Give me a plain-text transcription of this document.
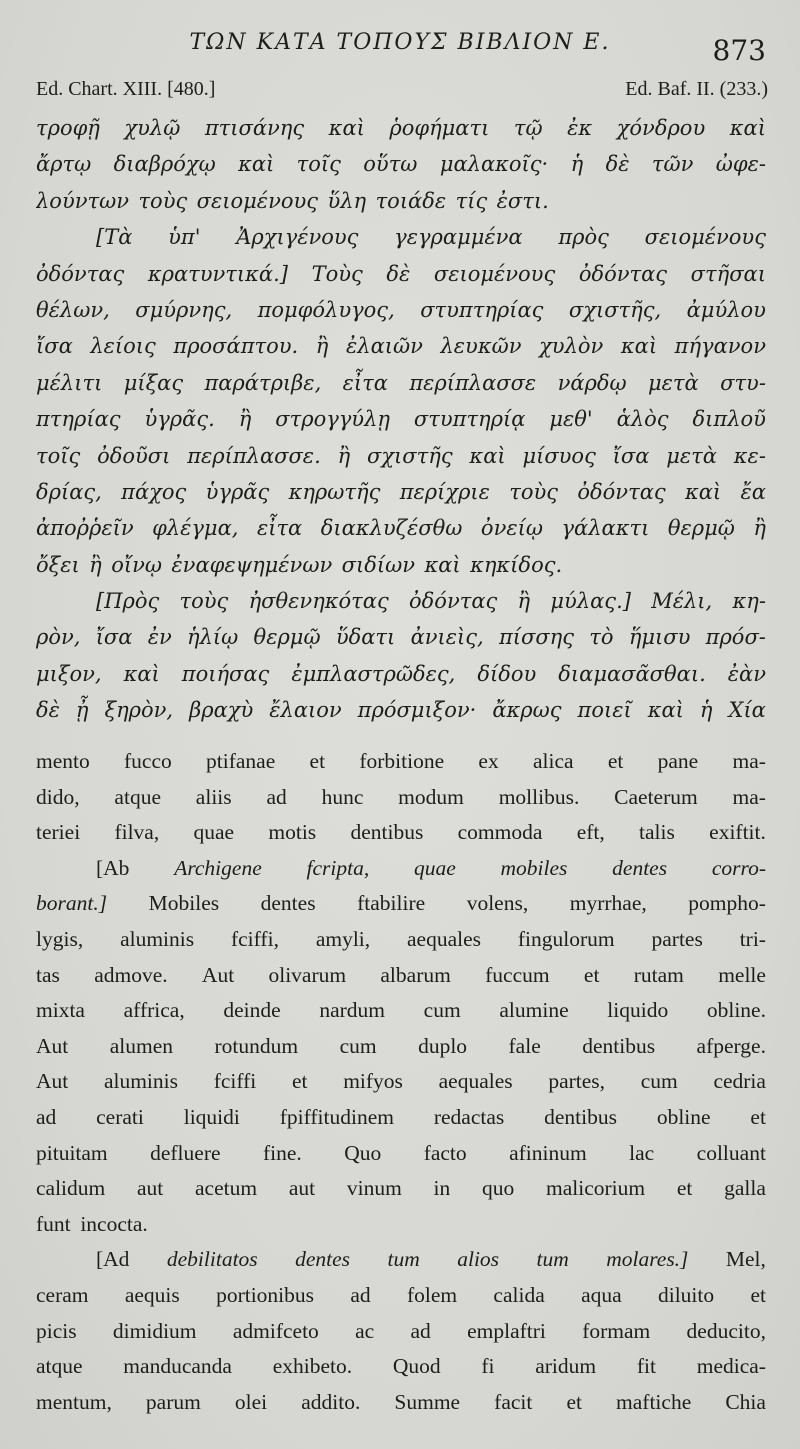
ΤΩΝ ΚΑΤΑ ΤΟΠΟΥΣ ΒΙΒΛΙΟΝ Ε.	873
Ed. Chart. XIII. [480.]	Ed. Baf. II. (233.)
τροφῇ χυλῷ πτισάνης καὶ ῥοφήματι τῷ ἐκ χόνδρου καὶ
ἄρτῳ διαβρόχῳ καὶ τοῖς οὕτω μαλακοῖς· ἡ δὲ τῶν ὠφε-
λούντων τοὺς σειομένους ὕλη τοιάδε τίς ἐστι.
[Τὰ ὑπ' Ἀρχιγένους γεγραμμένα πρὸς σειομένους
ὀδόντας κρατυντικά.] Τοὺς δὲ σειομένους ὀδόντας στῆσαι
θέλων, σμύρνης, πομφόλυγος, στυπτηρίας σχιστῆς, ἀμύλου
ἴσα λείοις προσάπτου. ἢ ἐλαιῶν λευκῶν χυλὸν καὶ πήγανον
μέλιτι μίξας παράτριβε, εἶτα περίπλασσε νάρδῳ μετὰ στυ-
πτηρίας ὑγρᾶς. ἢ στρογγύλῃ στυπτηρίᾳ μεθ' ἁλὸς διπλοῦ
τοῖς ὀδοῦσι περίπλασσε. ἢ σχιστῆς καὶ μίσυος ἴσα μετὰ κε-
δρίας, πάχος ὑγρᾶς κηρωτῆς περίχριε τοὺς ὀδόντας καὶ ἔα
ἀποῤῥεῖν φλέγμα, εἶτα διακλυζέσθω ὀνείῳ γάλακτι θερμῷ ἢ
ὄξει ἢ οἴνῳ ἐναφεψημένων σιδίων καὶ κηκίδος.
[Πρὸς τοὺς ἠσθενηκότας ὀδόντας ἢ μύλας.] Μέλι, κη-
ρὸν, ἴσα ἐν ἡλίῳ θερμῷ ὕδατι ἀνιεὶς, πίσσης τὸ ἥμισυ πρόσ-
μιξον, καὶ ποιήσας ἐμπλαστρῶδες, δίδου διαμασᾶσθαι. ἐὰν
δὲ ᾖ ξηρὸν, βραχὺ ἔλαιον πρόσμιξον· ἄκρως ποιεῖ καὶ ἡ Χία
mento fucco ptifanae et forbitione ex alica et pane ma-
dido, atque aliis ad hunc modum mollibus. Caeterum ma-
teriei filva, quae motis dentibus commoda eft, talis exiftit.
[Ab Archigene fcripta, quae mobiles dentes corro-
borant.] Mobiles dentes ftabilire volens, myrrhae, pompho-
lygis, aluminis fciffi, amyli, aequales fingulorum partes tri-
tas admove. Aut olivarum albarum fuccum et rutam melle
mixta affrica, deinde nardum cum alumine liquido obline.
Aut alumen rotundum cum duplo fale dentibus afperge.
Aut aluminis fciffi et mifyos aequales partes, cum cedria
ad cerati liquidi fpiffitudinem redactas dentibus obline et
pituitam defluere fine. Quo facto afininum lac colluant
calidum aut acetum aut vinum in quo malicorium et galla
funt incocta.
[Ad debilitatos dentes tum alios tum molares.] Mel,
ceram aequis portionibus ad folem calida aqua diluito et
picis dimidium admifceto ac ad emplaftri formam deducito,
atque manducanda exhibeto. Quod fi aridum fit medica-
mentum, parum olei addito. Summe facit et maftiche Chia
